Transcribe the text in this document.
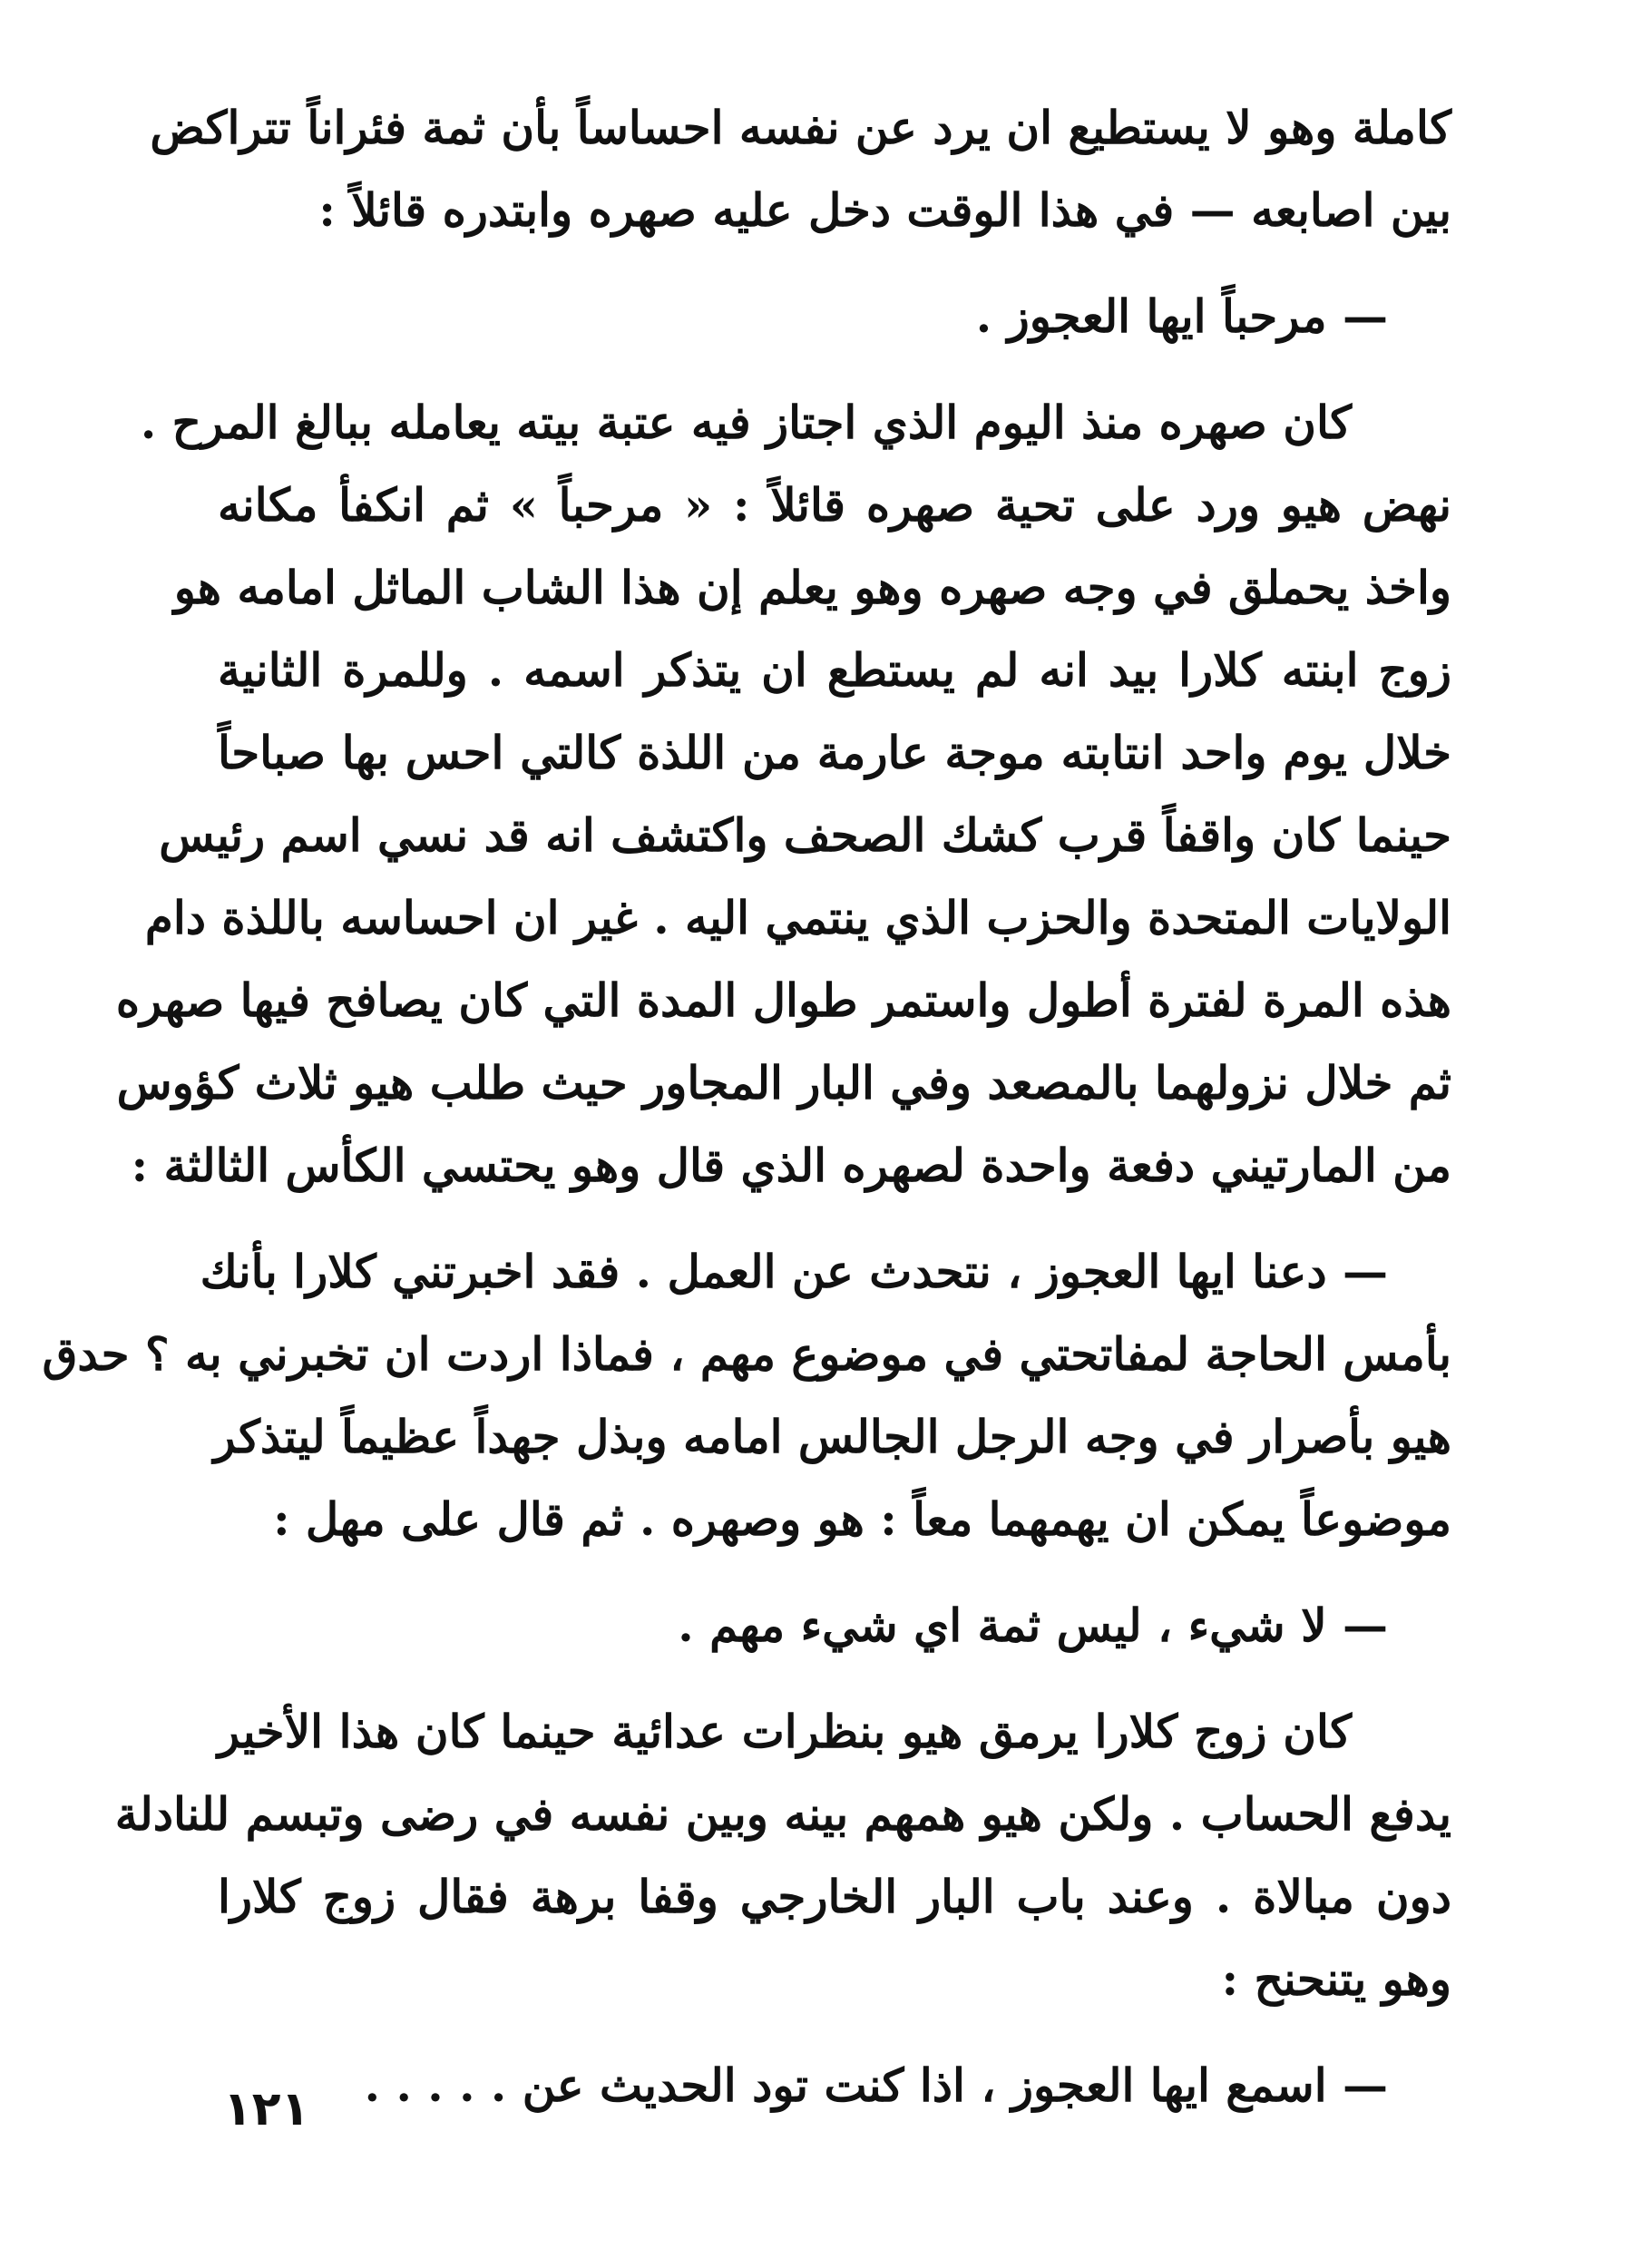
كاملة وهو لا يستطيع ان يرد عن نفسه احساساً بأن ثمة فئراناً تتراكض
بين اصابعه — في هذا الوقت دخل عليه صهره وابتدره قائلاً :
— مرحباً ايها العجوز .
كان صهره منذ اليوم الذي اجتاز فيه عتبة بيته يعامله ببالغ المرح .
نهض هيو ورد على تحية صهره قائلاً : « مرحباً » ثم انكفأ مكانه
واخذ يحملق في وجه صهره وهو يعلم إن هذا الشاب الماثل امامه هو
زوج ابنته كلارا بيد انه لم يستطع ان يتذكر اسمه . وللمرة الثانية
خلال يوم واحد انتابته موجة عارمة من اللذة كالتي احس بها صباحاً
حينما كان واقفاً قرب كشك الصحف واكتشف انه قد نسي اسم رئيس
الولايات المتحدة والحزب الذي ينتمي اليه . غير ان احساسه باللذة دام
هذه المرة لفترة أطول واستمر طوال المدة التي كان يصافح فيها صهره
ثم خلال نزولهما بالمصعد وفي البار المجاور حيث طلب هيو ثلاث كؤوس
من المارتيني دفعة واحدة لصهره الذي قال وهو يحتسي الكأس الثالثة :
— دعنا ايها العجوز ، نتحدث عن العمل . فقد اخبرتني كلارا بأنك
بأمس الحاجة لمفاتحتي في موضوع مهم ، فماذا اردت ان تخبرني به ؟ حدق
هيو بأصرار في وجه الرجل الجالس امامه وبذل جهداً عظيماً ليتذكر
موضوعاً يمكن ان يهمهما معاً : هو وصهره . ثم قال على مهل :
— لا شيء ، ليس ثمة اي شيء مهم .
كان زوج كلارا يرمق هيو بنظرات عدائية حينما كان هذا الأخير
يدفع الحساب . ولكن هيو همهم بينه وبين نفسه في رضى وتبسم للنادلة
دون مبالاة . وعند باب البار الخارجي وقفا برهة فقال زوج كلارا
وهو يتنحنح :
— اسمع ايها العجوز ، اذا كنت تود الحديث عن . . . . .
١٢١
